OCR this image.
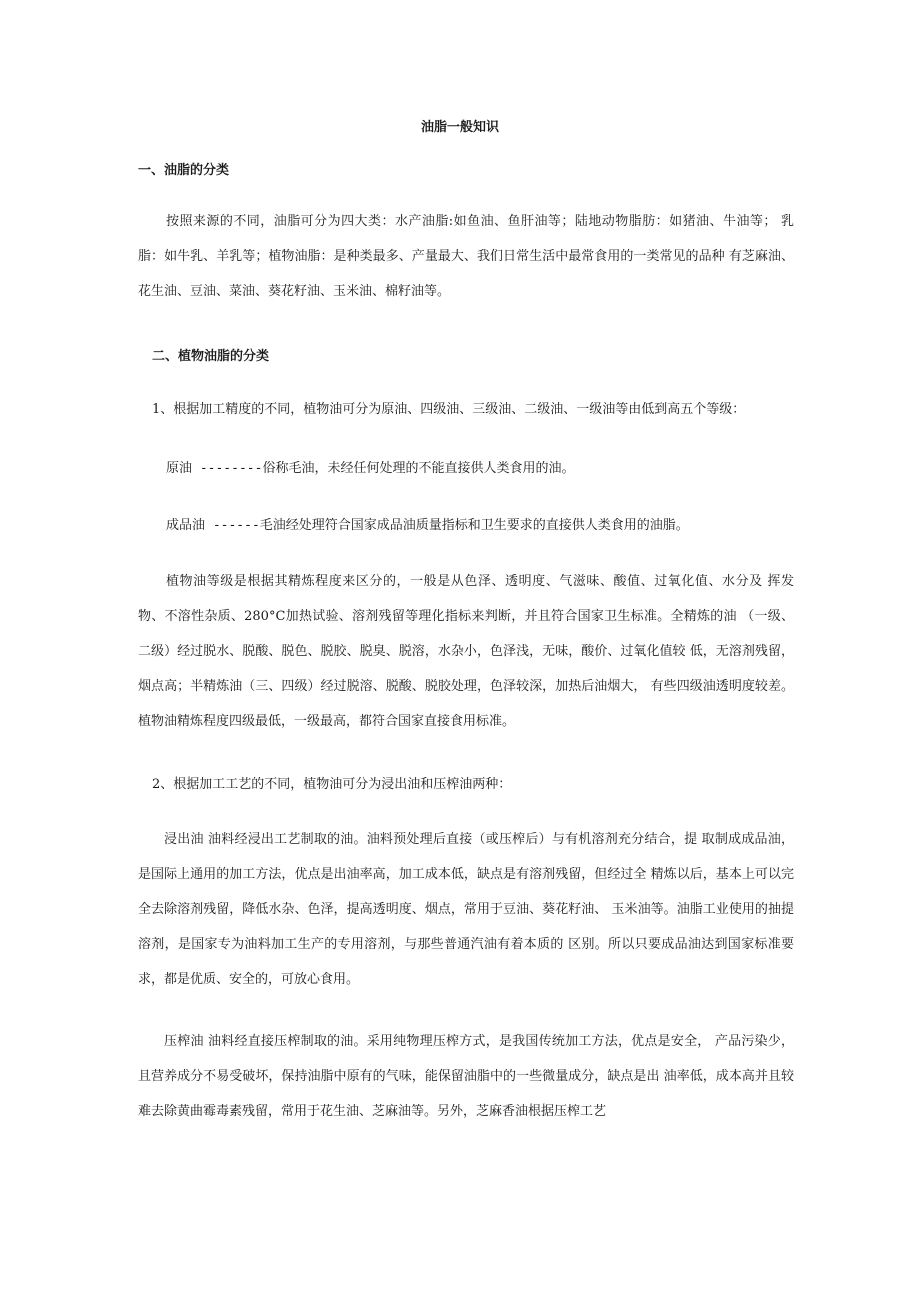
油脂一般知识
一、油脂的分类
按照来源的不同，油脂可分为四大类：水产油脂:如鱼油、鱼肝油等；陆地动物脂肪：如猪油、牛油等； 乳脂：如牛乳、羊乳等；植物油脂：是种类最多、产量最大、我们日常生活中最常食用的一类常见的品种 有芝麻油、花生油、豆油、菜油、葵花籽油、玉米油、棉籽油等。
二、植物油脂的分类
1、根据加工精度的不同，植物油可分为原油、四级油、三级油、二级油、一级油等由低到高五个等级：
原油 --------俗称毛油，未经任何处理的不能直接供人类食用的油。
成品油 ------毛油经处理符合国家成品油质量指标和卫生要求的直接供人类食用的油脂。
植物油等级是根据其精炼程度来区分的，一般是从色泽、透明度、气滋味、酸值、过氧化值、水分及 挥发物、不溶性杂质、280°C加热试验、溶剂残留等理化指标来判断，并且符合国家卫生标准。全精炼的油 （一级、二级）经过脱水、脱酸、脱色、脱胶、脱臭、脱溶，水杂小，色泽浅，无味，酸价、过氧化值较 低，无溶剂残留，烟点高；半精炼油（三、四级）经过脱溶、脱酸、脱胶处理，色泽较深，加热后油烟大， 有些四级油透明度较差。植物油精炼程度四级最低，一级最高，都符合国家直接食用标准。
2、根据加工工艺的不同，植物油可分为浸出油和压榨油两种：
浸出油 油料经浸出工艺制取的油。油料预处理后直接（或压榨后）与有机溶剂充分结合，提 取制成成品油，是国际上通用的加工方法，优点是出油率高，加工成本低，缺点是有溶剂残留，但经过全 精炼以后，基本上可以完全去除溶剂残留，降低水杂、色泽，提高透明度、烟点，常用于豆油、葵花籽油、 玉米油等。油脂工业使用的抽提溶剂，是国家专为油料加工生产的专用溶剂，与那些普通汽油有着本质的 区别。所以只要成品油达到国家标准要求，都是优质、安全的，可放心食用。
压榨油 油料经直接压榨制取的油。采用纯物理压榨方式，是我国传统加工方法，优点是安全， 产品污染少，且营养成分不易受破坏，保持油脂中原有的气味，能保留油脂中的一些微量成分，缺点是出 油率低，成本高并且较难去除黄曲霉毒素残留，常用于花生油、芝麻油等。另外，芝麻香油根据压榨工艺
